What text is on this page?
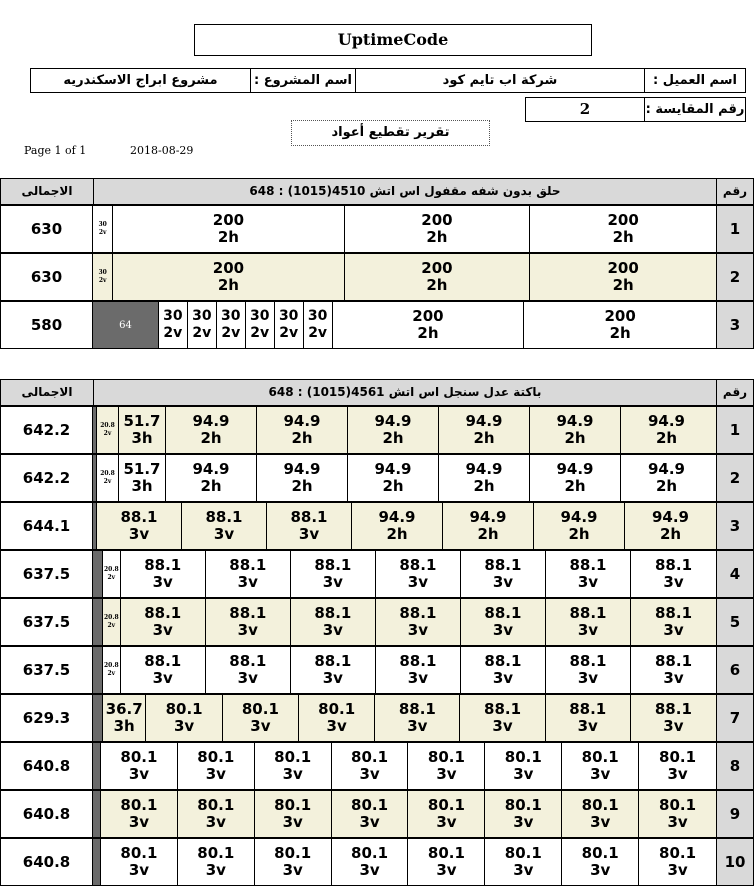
UptimeCode
اسم العميل :
شركة اب تايم كود
اسم المشروع :
مشروع ابراج الاسكندريه
رقم المقايسة :
2
تقرير تقطيع أعواد
Page 1 of 1	2018-08-29
الاجمالى	حلق بدون شفه مقفول اس اتش 4510(1015) : 648	رقم
630	30
2v
200
2h
200
2h
200
2h	1
630	30
2v
200
2h
200
2h
200
2h	2
580	64
30
2v
30
2v
30
2v
30
2v
30
2v
30
2v
200
2h
200
2h	3
الاجمالى	باكتة عدل سنجل اس اتش 4561(1015) : 648	رقم
642.2	20.8
2v
51.7
3h
94.9
2h
94.9
2h
94.9
2h
94.9
2h
94.9
2h
94.9
2h	1
642.2	20.8
2v
51.7
3h
94.9
2h
94.9
2h
94.9
2h
94.9
2h
94.9
2h
94.9
2h	2
644.1	88.1
3v
88.1
3v
88.1
3v
94.9
2h
94.9
2h
94.9
2h
94.9
2h	3
637.5	20.8
2v
88.1
3v
88.1
3v
88.1
3v
88.1
3v
88.1
3v
88.1
3v
88.1
3v	4
637.5	20.8
2v
88.1
3v
88.1
3v
88.1
3v
88.1
3v
88.1
3v
88.1
3v
88.1
3v	5
637.5	20.8
2v
88.1
3v
88.1
3v
88.1
3v
88.1
3v
88.1
3v
88.1
3v
88.1
3v	6
629.3	36.7
3h
80.1
3v
80.1
3v
80.1
3v
88.1
3v
88.1
3v
88.1
3v
88.1
3v	7
640.8	80.1
3v
80.1
3v
80.1
3v
80.1
3v
80.1
3v
80.1
3v
80.1
3v
80.1
3v	8
640.8	80.1
3v
80.1
3v
80.1
3v
80.1
3v
80.1
3v
80.1
3v
80.1
3v
80.1
3v	9
640.8	80.1
3v
80.1
3v
80.1
3v
80.1
3v
80.1
3v
80.1
3v
80.1
3v
80.1
3v	10
